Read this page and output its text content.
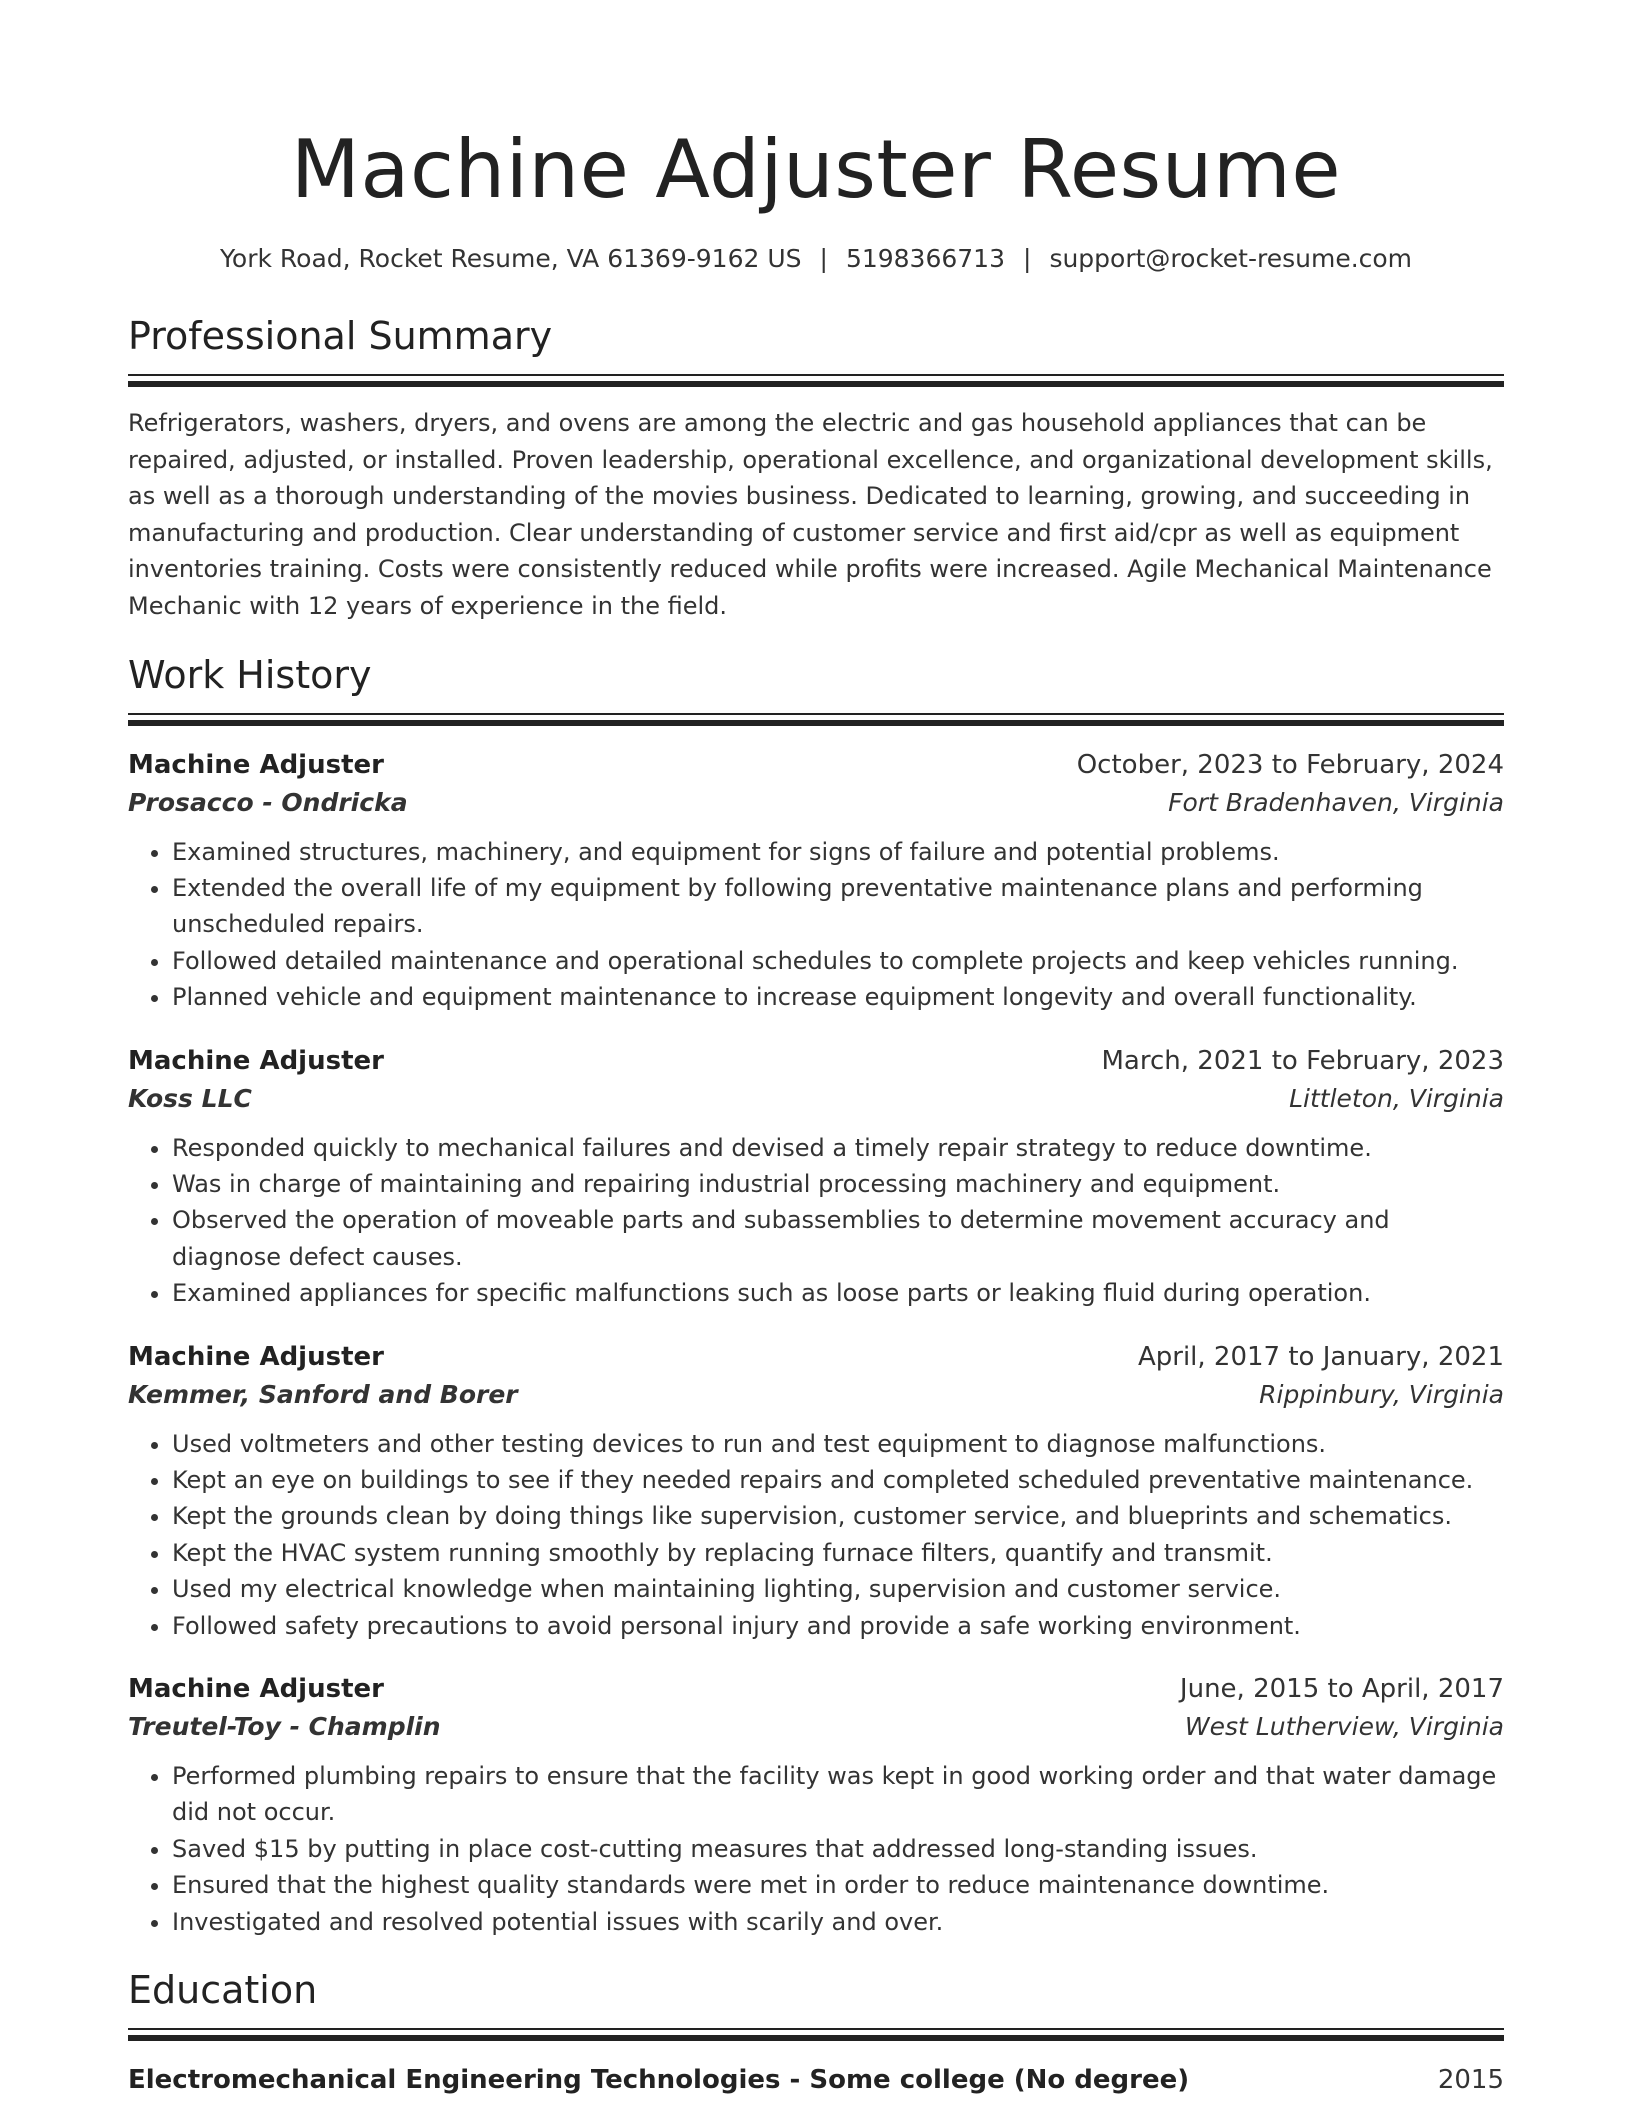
Machine Adjuster Resume
York Road, Rocket Resume, VA 61369-9162 US | 5198366713 | support@rocket-resume.com
Professional Summary

Refrigerators, washers, dryers, and ovens are among the electric and gas household appliances that can be repaired, adjusted, or installed. Proven leadership, operational excellence, and organizational development skills, as well as a thorough understanding of the movies business. Dedicated to learning, growing, and succeeding in manufacturing and production. Clear understanding of customer service and first aid/cpr as well as equipment inventories training. Costs were consistently reduced while profits were increased. Agile Mechanical Maintenance Mechanic with 12 years of experience in the field.

Work History
Machine Adjuster	October, 2023 to February, 2024
Prosacco - Ondricka	Fort Bradenhaven, Virginia
• Examined structures, machinery, and equipment for signs of failure and potential problems.
• Extended the overall life of my equipment by following preventative maintenance plans and performing unscheduled repairs.
• Followed detailed maintenance and operational schedules to complete projects and keep vehicles running.
• Planned vehicle and equipment maintenance to increase equipment longevity and overall functionality.
Machine Adjuster	March, 2021 to February, 2023
Koss LLC	Littleton, Virginia
• Responded quickly to mechanical failures and devised a timely repair strategy to reduce downtime.
• Was in charge of maintaining and repairing industrial processing machinery and equipment.
• Observed the operation of moveable parts and subassemblies to determine movement accuracy and diagnose defect causes.
• Examined appliances for specific malfunctions such as loose parts or leaking fluid during operation.
Machine Adjuster	April, 2017 to January, 2021
Kemmer, Sanford and Borer	Rippinbury, Virginia
• Used voltmeters and other testing devices to run and test equipment to diagnose malfunctions.
• Kept an eye on buildings to see if they needed repairs and completed scheduled preventative maintenance.
• Kept the grounds clean by doing things like supervision, customer service, and blueprints and schematics.
• Kept the HVAC system running smoothly by replacing furnace filters, quantify and transmit.
• Used my electrical knowledge when maintaining lighting, supervision and customer service.
• Followed safety precautions to avoid personal injury and provide a safe working environment.
Machine Adjuster	June, 2015 to April, 2017
Treutel-Toy - Champlin	West Lutherview, Virginia
• Performed plumbing repairs to ensure that the facility was kept in good working order and that water damage did not occur.
• Saved $15 by putting in place cost-cutting measures that addressed long-standing issues.
• Ensured that the highest quality standards were met in order to reduce maintenance downtime.
• Investigated and resolved potential issues with scarily and over.
Education
Electromechanical Engineering Technologies - Some college (No degree)	2015
